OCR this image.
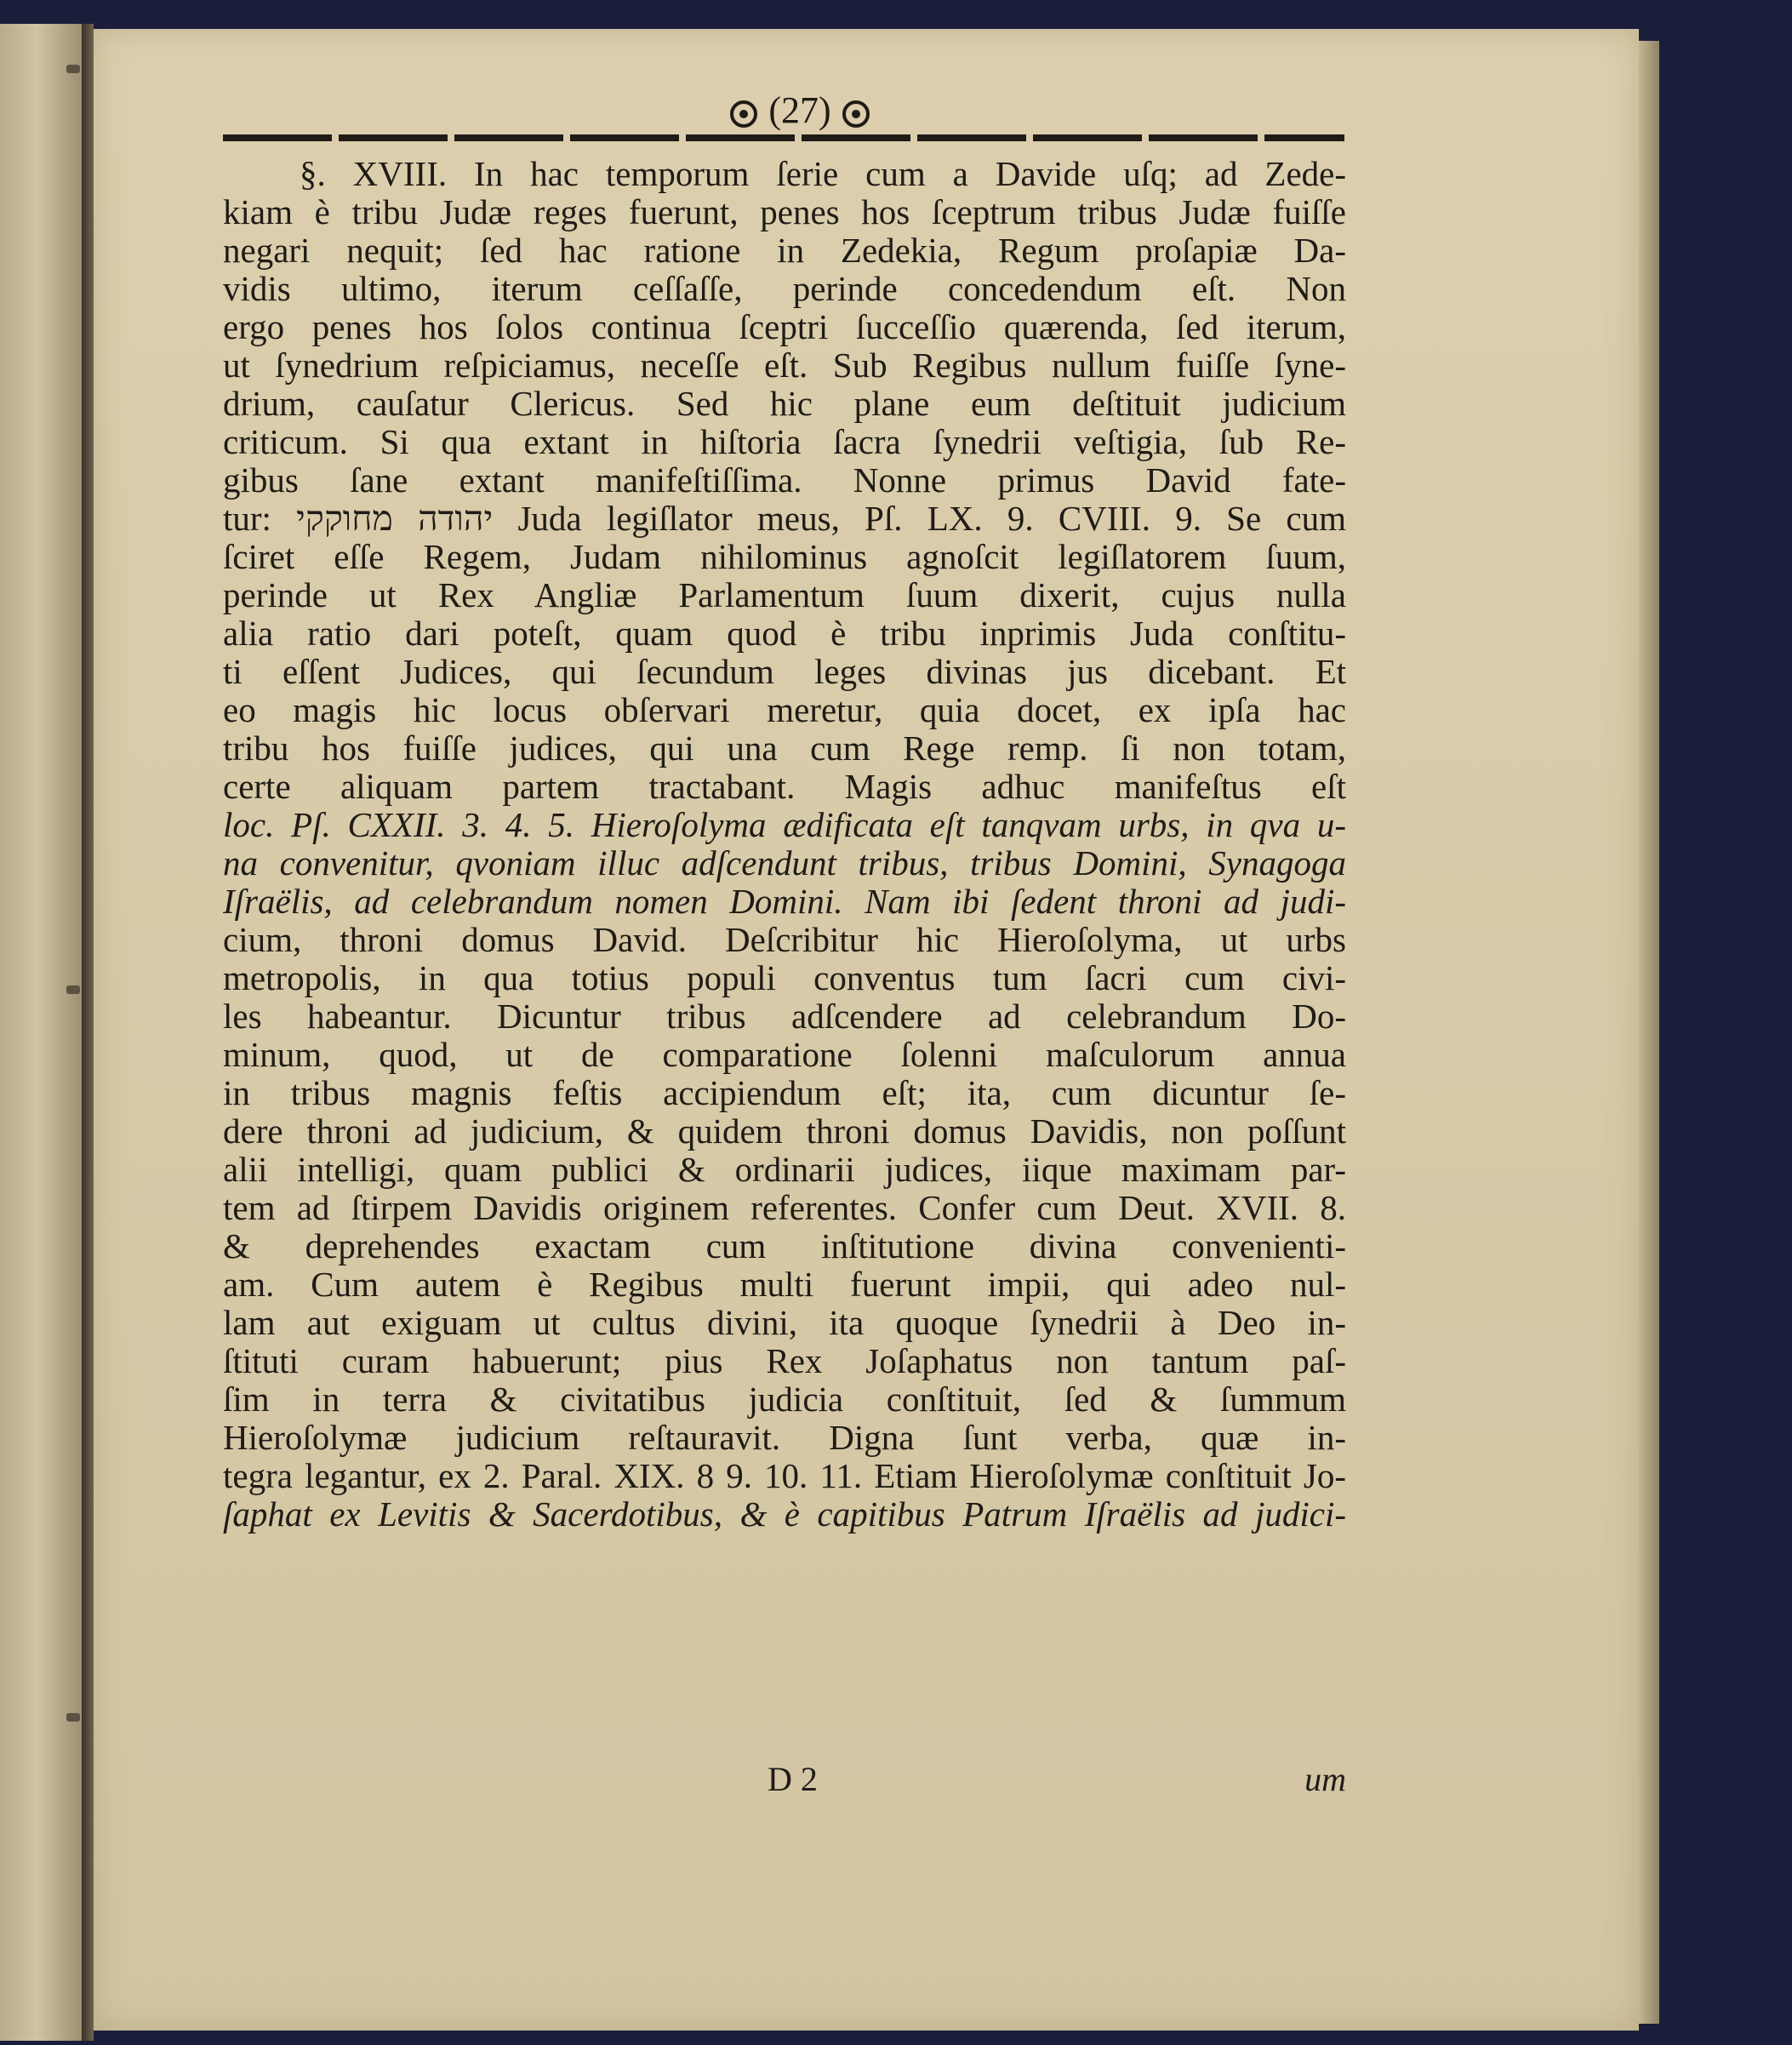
(27)
§. XVIII. In hac temporum ſerie cum a Davide uſq; ad Zede-
kiam è tribu Judæ reges fuerunt, penes hos ſceptrum tribus Judæ fuiſſe
negari nequit; ſed hac ratione in Zedekia, Regum proſapiæ Da-
vidis ultimo, iterum ceſſaſſe, perinde concedendum eſt. Non
ergo penes hos ſolos continua ſceptri ſucceſſio quærenda, ſed iterum,
ut ſynedrium reſpiciamus, neceſſe eſt. Sub Regibus nullum fuiſſe ſyne-
drium, cauſatur Clericus. Sed hic plane eum deſtituit judicium
criticum. Si qua extant in hiſtoria ſacra ſynedrii veſtigia, ſub Re-
gibus ſane extant manifeſtiſſima. Nonne primus David fate-
tur: יהודה מחוקקי Juda legiſlator meus, Pſ. LX. 9. CVIII. 9. Se cum
ſciret eſſe Regem, Judam nihilominus agnoſcit legiſlatorem ſuum,
perinde ut Rex Angliæ Parlamentum ſuum dixerit, cujus nulla
alia ratio dari poteſt, quam quod è tribu inprimis Juda conſtitu-
ti eſſent Judices, qui ſecundum leges divinas jus dicebant. Et
eo magis hic locus obſervari meretur, quia docet, ex ipſa hac
tribu hos fuiſſe judices, qui una cum Rege remp. ſi non totam,
certe aliquam partem tractabant. Magis adhuc manifeſtus eſt
loc. Pſ. CXXII. 3. 4. 5. Hieroſolyma ædificata eſt tanqvam urbs, in qva u-
na convenitur, qvoniam illuc adſcendunt tribus, tribus Domini, Synagoga
Iſraëlis, ad celebrandum nomen Domini. Nam ibi ſedent throni ad judi-
cium, throni domus David. Deſcribitur hic Hieroſolyma, ut urbs
metropolis, in qua totius populi conventus tum ſacri cum civi-
les habeantur. Dicuntur tribus adſcendere ad celebrandum Do-
minum, quod, ut de comparatione ſolenni maſculorum annua
in tribus magnis feſtis accipiendum eſt; ita, cum dicuntur ſe-
dere throni ad judicium, & quidem throni domus Davidis, non poſſunt
alii intelligi, quam publici & ordinarii judices, iique maximam par-
tem ad ſtirpem Davidis originem referentes. Confer cum Deut. XVII. 8.
& deprehendes exactam cum inſtitutione divina convenienti-
am. Cum autem è Regibus multi fuerunt impii, qui adeo nul-
lam aut exiguam ut cultus divini, ita quoque ſynedrii à Deo in-
ſtituti curam habuerunt; pius Rex Joſaphatus non tantum paſ-
ſim in terra & civitatibus judicia conſtituit, ſed & ſummum
Hieroſolymæ judicium reſtauravit. Digna ſunt verba, quæ in-
tegra legantur, ex 2. Paral. XIX. 8 9. 10. 11. Etiam Hieroſolymæ conſtituit Jo-
ſaphat ex Levitis & Sacerdotibus, & è capitibus Patrum Iſraëlis ad judici-
D 2	um
